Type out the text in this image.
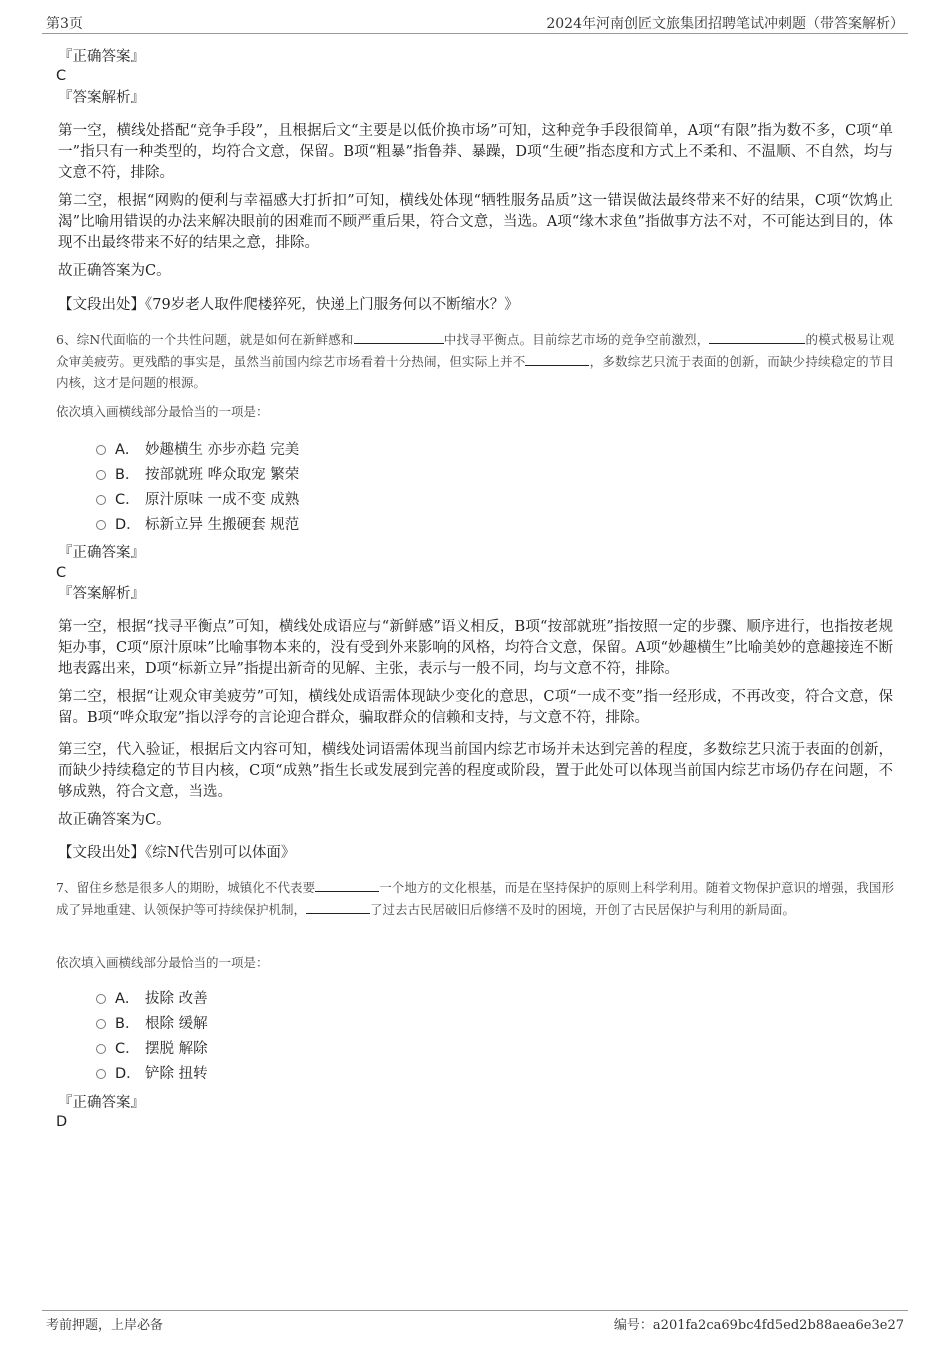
第3页	2024年河南创匠文旅集团招聘笔试冲刺题（带答案解析）
『正确答案』
C
『答案解析』
第一空，横线处搭配“竞争手段”，且根据后文“主要是以低价换市场”可知，这种竞争手段很简单，A项“有限”指为数不多，C项“单一”指只有一种类型的，均符合文意，保留。B项“粗暴”指鲁莽、暴躁，D项“生硬”指态度和方式上不柔和、不温顺、不自然，均与文意不符，排除。
第二空，根据“网购的便利与幸福感大打折扣”可知，横线处体现“牺牲服务品质”这一错误做法最终带来不好的结果，C项“饮鸩止渴”比喻用错误的办法来解决眼前的困难而不顾严重后果，符合文意，当选。A项“缘木求鱼”指做事方法不对，不可能达到目的，体现不出最终带来不好的结果之意，排除。
故正确答案为C。
【文段出处】《79岁老人取件爬楼猝死，快递上门服务何以不断缩水？》
6、综N代面临的一个共性问题，就是如何在新鲜感和	中找寻平衡点。目前综艺市场的竞争空前激烈，	的模式极易让观众审美疲劳。更残酷的事实是，虽然当前国内综艺市场看着十分热闹，但实际上并不	，多数综艺只流于表面的创新，而缺少持续稳定的节目内核，这才是问题的根源。
依次填入画横线部分最恰当的一项是：
A． 妙趣横生 亦步亦趋 完美
B． 按部就班 哗众取宠 繁荣
C． 原汁原味 一成不变 成熟
D． 标新立异 生搬硬套 规范
『正确答案』
C
『答案解析』
第一空，根据“找寻平衡点”可知，横线处成语应与“新鲜感”语义相反，B项“按部就班”指按照一定的步骤、顺序进行，也指按老规矩办事，C项“原汁原味”比喻事物本来的，没有受到外来影响的风格，均符合文意，保留。A项“妙趣横生”比喻美妙的意趣接连不断地表露出来，D项“标新立异”指提出新奇的见解、主张，表示与一般不同，均与文意不符，排除。
第二空，根据“让观众审美疲劳”可知，横线处成语需体现缺少变化的意思，C项“一成不变”指一经形成，不再改变，符合文意，保留。B项“哗众取宠”指以浮夸的言论迎合群众，骗取群众的信赖和支持，与文意不符，排除。
第三空，代入验证，根据后文内容可知，横线处词语需体现当前国内综艺市场并未达到完善的程度，多数综艺只流于表面的创新，而缺少持续稳定的节目内核，C项“成熟”指生长或发展到完善的程度或阶段，置于此处可以体现当前国内综艺市场仍存在问题，不够成熟，符合文意，当选。
故正确答案为C。
【文段出处】《综N代告别可以体面》
7、留住乡愁是很多人的期盼，城镇化不代表要	一个地方的文化根基，而是在坚持保护的原则上科学利用。随着文物保护意识的增强，我国形成了异地重建、认领保护等可持续保护机制，	了过去古民居破旧后修缮不及时的困境，开创了古民居保护与利用的新局面。
依次填入画横线部分最恰当的一项是：
A． 拔除 改善
B． 根除 缓解
C． 摆脱 解除
D． 铲除 扭转
『正确答案』
D
考前押题，上岸必备	编号：a201fa2ca69bc4fd5ed2b88aea6e3e27
